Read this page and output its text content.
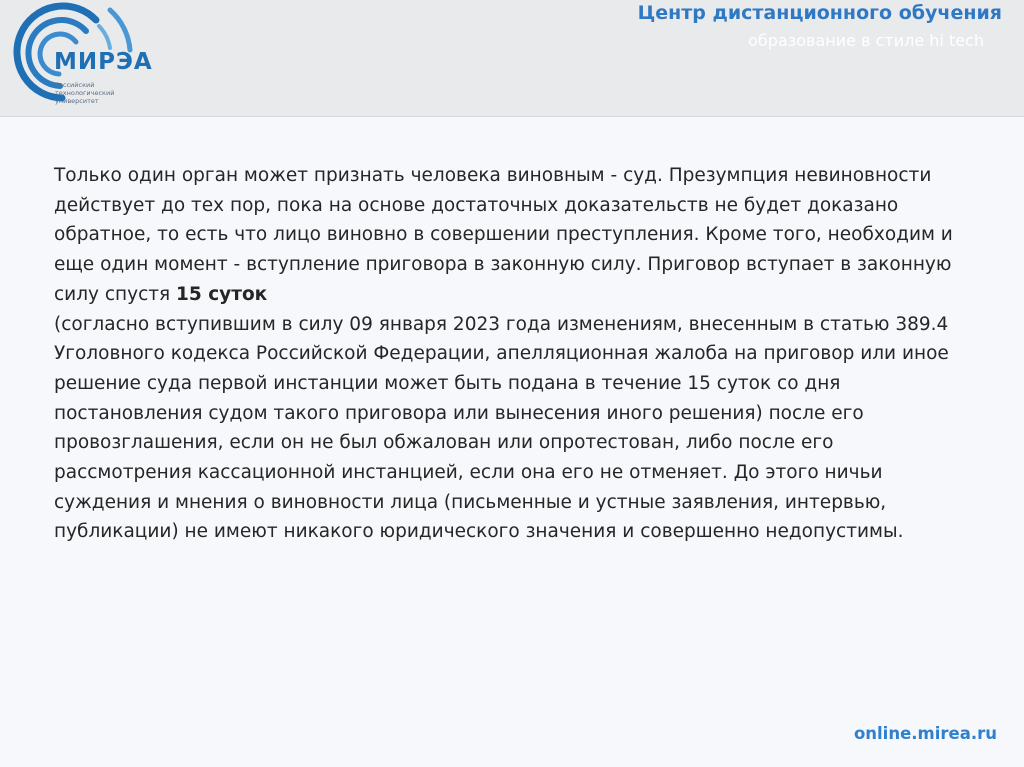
МИРЭА
Российский
технологический
университет
Центр дистанционного обучения
образование в стиле hi tech
Только один орган может признать человека виновным - суд. Презумпция невиновности действует до тех пор, пока на основе достаточных доказательств не будет доказано обратное, то есть что лицо виновно в совершении преступления. Кроме того, необходим и еще один момент - вступление приговора в законную силу. Приговор вступает в законную силу спустя 15 суток
(согласно вступившим в силу 09 января 2023 года изменениям, внесенным в статью 389.4 Уголовного кодекса Российской Федерации, апелляционная жалоба на приговор или иное решение суда первой инстанции может быть подана в течение 15 суток со дня постановления судом такого приговора или вынесения иного решения) после его провозглашения, если он не был обжалован или опротестован, либо после его рассмотрения кассационной инстанцией, если она его не отменяет. До этого ничьи суждения и мнения о виновности лица (письменные и устные заявления, интервью, публикации) не имеют никакого юридического значения и совершенно недопустимы.
online.mirea.ru
